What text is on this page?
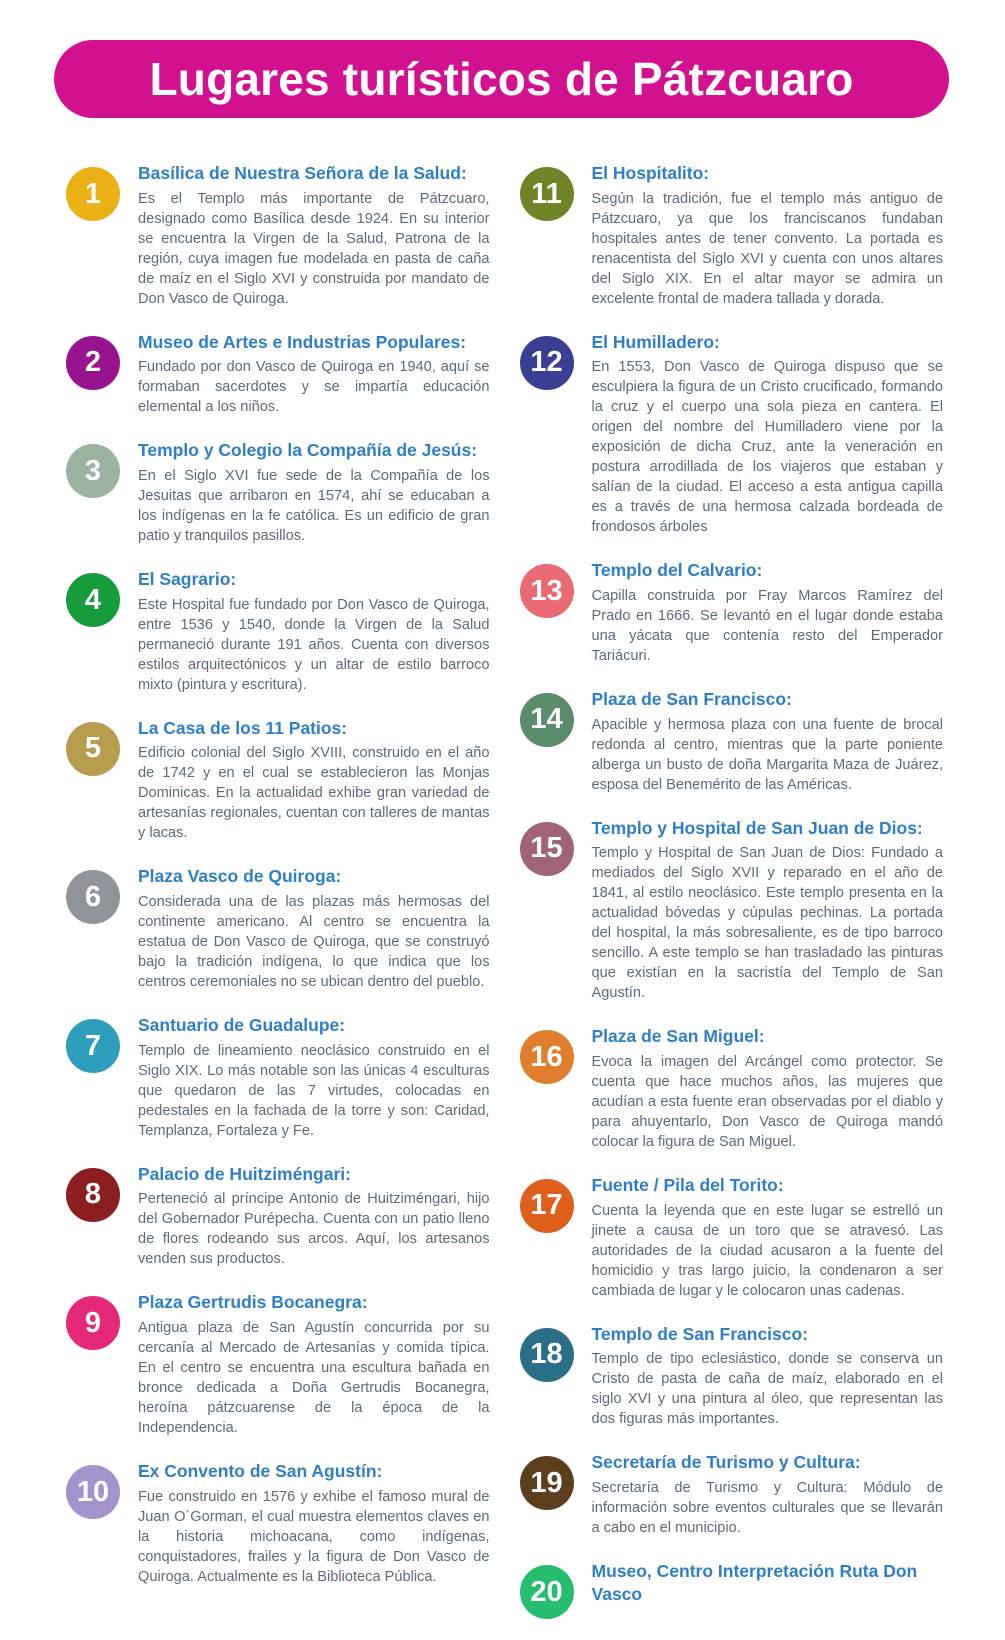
Lugares turísticos de Pátzcuaro
1
Basílica de Nuestra Señora de la Salud:

Es el Templo más importante de Pátzcuaro, designado como Basílica desde 1924. En su interior se encuentra la Virgen de la Salud, Patrona de la región, cuya imagen fue modelada en pasta de caña de maíz en el Siglo XVI y construida por mandato de Don Vasco de Quiroga.

2
Museo de Artes e Industrias Populares:

Fundado por don Vasco de Quiroga en 1940, aquí se formaban sacerdotes y se impartía educación elemental a los niños.

3
Templo y Colegio la Compañía de Jesús:

En el Siglo XVI fue sede de la Compañía de los Jesuitas que arribaron en 1574, ahí se educaban a los indígenas en la fe católica. Es un edificio de gran patio y tranquilos pasillos.

4
El Sagrario:

Este Hospital fue fundado por Don Vasco de Quiroga, entre 1536 y 1540, donde la Virgen de la Salud permaneció durante 191 años. Cuenta con diversos estilos arquitectónicos y un altar de estilo barroco mixto (pintura y escritura).

5
La Casa de los 11 Patios:

Edificio colonial del Siglo XVIII, construido en el año de 1742 y en el cual se establecieron las Monjas Dominicas. En la actualidad exhibe gran variedad de artesanías regionales, cuentan con talleres de mantas y lacas.

6
Plaza Vasco de Quiroga:

Considerada una de las plazas más hermosas del continente americano. Al centro se encuentra la estatua de Don Vasco de Quiroga, que se construyó bajo la tradición indígena, lo que indica que los centros ceremoniales no se ubican dentro del pueblo.

7
Santuario de Guadalupe:

Templo de lineamiento neoclásico construido en el Siglo XIX. Lo más notable son las únicas 4 esculturas que quedaron de las 7 virtudes, colocadas en pedestales en la fachada de la torre y son: Caridad, Templanza, Fortaleza y Fe.

8
Palacio de Huitziméngari:

Perteneció al príncipe Antonio de Huitziméngari, hijo del Gobernador Purépecha. Cuenta con un patio lleno de flores rodeando sus arcos. Aquí, los artesanos venden sus productos.

9
Plaza Gertrudis Bocanegra:

Antigua plaza de San Agustín concurrida por su cercanía al Mercado de Artesanías y comida típica. En el centro se encuentra una escultura bañada en bronce dedicada a Doña Gertrudis Bocanegra, heroína pátzcuarense de la época de la Independencia.

10
Ex Convento de San Agustín:

Fue construido en 1576 y exhibe el famoso mural de Juan O´Gorman, el cual muestra elementos claves en la historia michoacana, como indígenas, conquistadores, frailes y la figura de Don Vasco de Quiroga. Actualmente es la Biblioteca Pública.

11
El Hospitalito:

Según la tradición, fue el templo más antiguo de Pátzcuaro, ya que los franciscanos fundaban hospitales antes de tener convento. La portada es renacentista del Siglo XVI y cuenta con unos altares del Siglo XIX. En el altar mayor se admira un excelente frontal de madera tallada y dorada.

12
El Humilladero:

En 1553, Don Vasco de Quiroga dispuso que se esculpiera la figura de un Cristo crucificado, formando la cruz y el cuerpo una sola pieza en cantera. El origen del nombre del Humilladero viene por la exposición de dicha Cruz, ante la veneración en postura arrodillada de los viajeros que estaban y salían de la ciudad. El acceso a esta antigua capilla es a través de una hermosa calzada bordeada de frondosos árboles

13
Templo del Calvario:

Capilla construida por Fray Marcos Ramírez del Prado en 1666. Se levantó en el lugar donde estaba una yácata que contenía resto del Emperador Tariácuri.

14
Plaza de San Francisco:

Apacible y hermosa plaza con una fuente de brocal redonda al centro, mientras que la parte poniente alberga un busto de doña Margarita Maza de Juárez, esposa del Benemérito de las Américas.

15
Templo y Hospital de San Juan de Dios:

Templo y Hospital de San Juan de Dios: Fundado a mediados del Siglo XVII y reparado en el año de 1841, al estilo neoclásico. Este templo presenta en la actualidad bóvedas y cúpulas pechinas. La portada del hospital, la más sobresaliente, es de tipo barroco sencillo. A este templo se han trasladado las pinturas que existían en la sacristía del Templo de San Agustín.

16
Plaza de San Miguel:

Evoca la imagen del Arcángel como protector. Se cuenta que hace muchos años, las mujeres que acudían a esta fuente eran observadas por el diablo y para ahuyentarlo, Don Vasco de Quiroga mandó colocar la figura de San Miguel.

17
Fuente / Pila del Torito:

Cuenta la leyenda que en este lugar se estrelló un jinete a causa de un toro que se atravesó. Las autoridades de la ciudad acusaron a la fuente del homicidio y tras largo juicio, la condenaron a ser cambiada de lugar y le colocaron unas cadenas.

18
Templo de San Francisco:

Templo de tipo eclesiástico, donde se conserva un Cristo de pasta de caña de maíz, elaborado en el siglo XVI y una pintura al óleo, que representan las dos figuras más importantes.

19
Secretaría de Turismo y Cultura:

Secretaría de Turismo y Cultura: Módulo de información sobre eventos culturales que se llevarán a cabo en el municipio.

20
Museo, Centro Interpretación Ruta Don Vasco
